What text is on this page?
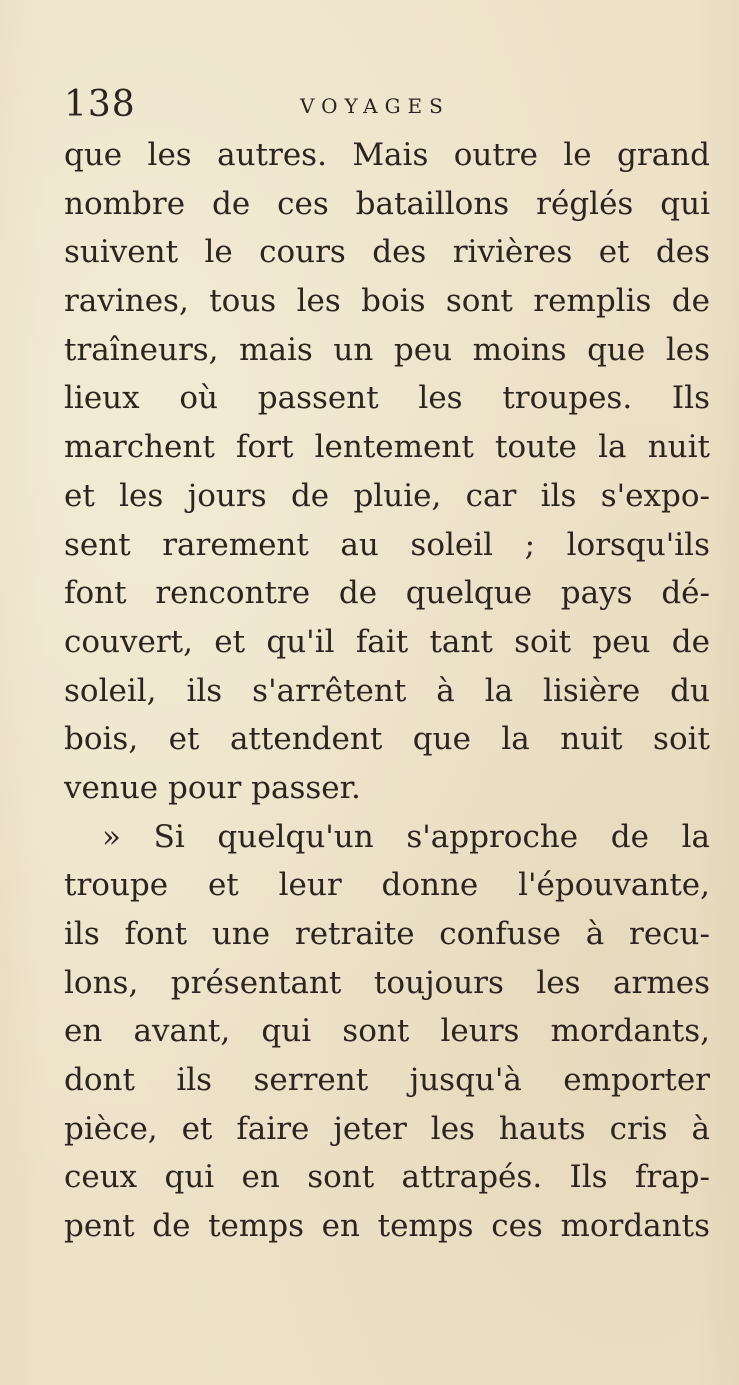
138	VOYAGES
que les autres. Mais outre le grand
nombre de ces bataillons réglés qui
suivent le cours des rivières et des
ravines, tous les bois sont remplis de
traîneurs, mais un peu moins que les
lieux où passent les troupes. Ils
marchent fort lentement toute la nuit
et les jours de pluie, car ils s'expo-
sent rarement au soleil ; lorsqu'ils
font rencontre de quelque pays dé-
couvert, et qu'il fait tant soit peu de
soleil, ils s'arrêtent à la lisière du
bois, et attendent que la nuit soit
venue pour passer.
» Si quelqu'un s'approche de la
troupe et leur donne l'épouvante,
ils font une retraite confuse à recu-
lons, présentant toujours les armes
en avant, qui sont leurs mordants,
dont ils serrent jusqu'à emporter
pièce, et faire jeter les hauts cris à
ceux qui en sont attrapés. Ils frap-
pent de temps en temps ces mordants
